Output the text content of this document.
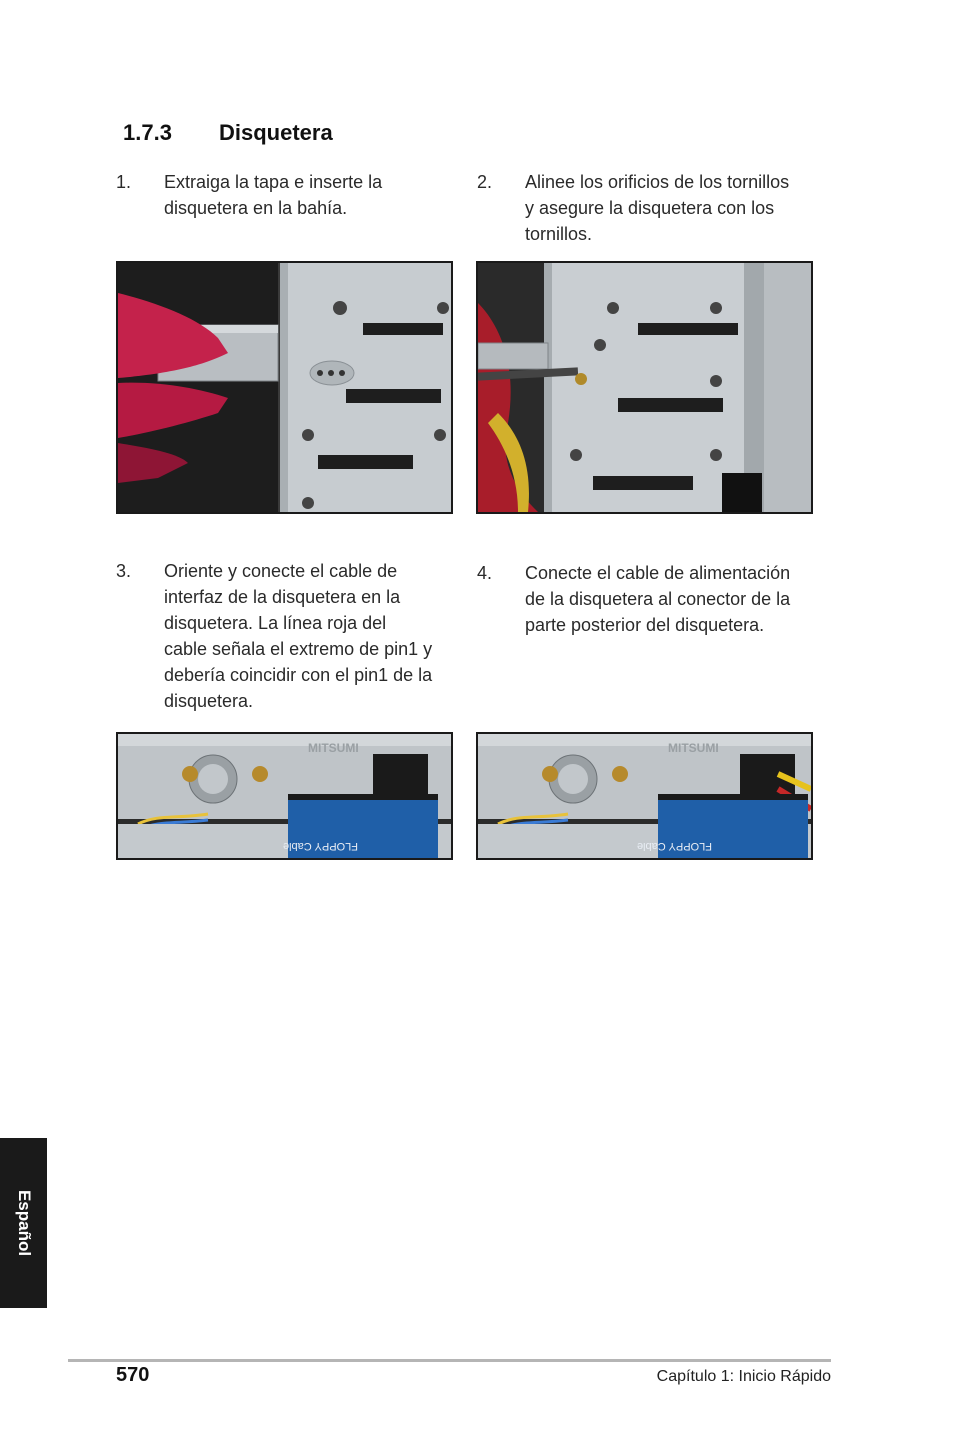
1.7.3 Disquetera
1. Extraiga la tapa e inserte la
disquetera en la bahía.
2. Alinee los orificios de los tornillos
y asegure la disquetera con los
tornillos.
3. Oriente y conecte el cable de
interfaz de la disquetera en la
disquetera. La línea roja del
cable señala el extremo de pin1 y
debería coincidir con el pin1 de la
disquetera.
4. Conecte el cable de alimentación
de la disquetera al conector de la
parte posterior del disquetera.
MITSUMI
FLOPPY Cable
MITSUMI
FLOPPY Cable
Español
570	Capítulo 1: Inicio Rápido
